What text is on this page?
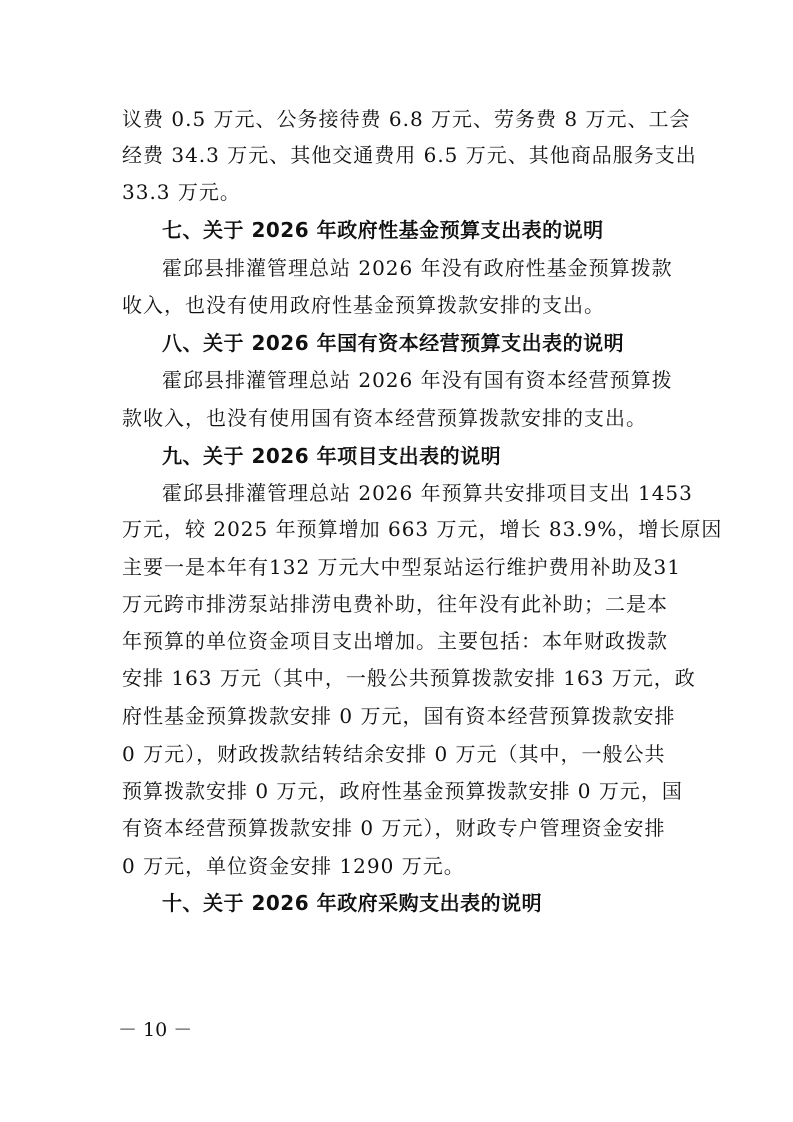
议费 0.5 万元、公务接待费 6.8 万元、劳务费 8 万元、工会
经费 34.3 万元、其他交通费用 6.5 万元、其他商品服务支出
33.3 万元。
七、关于 2026 年政府性基金预算支出表的说明
霍邱县排灌管理总站 2026 年没有政府性基金预算拨款
收入，也没有使用政府性基金预算拨款安排的支出。
八、关于 2026 年国有资本经营预算支出表的说明
霍邱县排灌管理总站 2026 年没有国有资本经营预算拨
款收入，也没有使用国有资本经营预算拨款安排的支出。
九、关于 2026 年项目支出表的说明
霍邱县排灌管理总站 2026 年预算共安排项目支出 1453
万元，较 2025 年预算增加 663 万元，增长 83.9%，增长原因
主要一是本年有132 万元大中型泵站运行维护费用补助及31
万元跨市排涝泵站排涝电费补助，往年没有此补助；二是本
年预算的单位资金项目支出增加。主要包括：本年财政拨款
安排 163 万元（其中，一般公共预算拨款安排 163 万元，政
府性基金预算拨款安排 0 万元，国有资本经营预算拨款安排
0 万元），财政拨款结转结余安排 0 万元（其中，一般公共
预算拨款安排 0 万元，政府性基金预算拨款安排 0 万元，国
有资本经营预算拨款安排 0 万元），财政专户管理资金安排
0 万元，单位资金安排 1290 万元。
十、关于 2026 年政府采购支出表的说明
－ 10 －
